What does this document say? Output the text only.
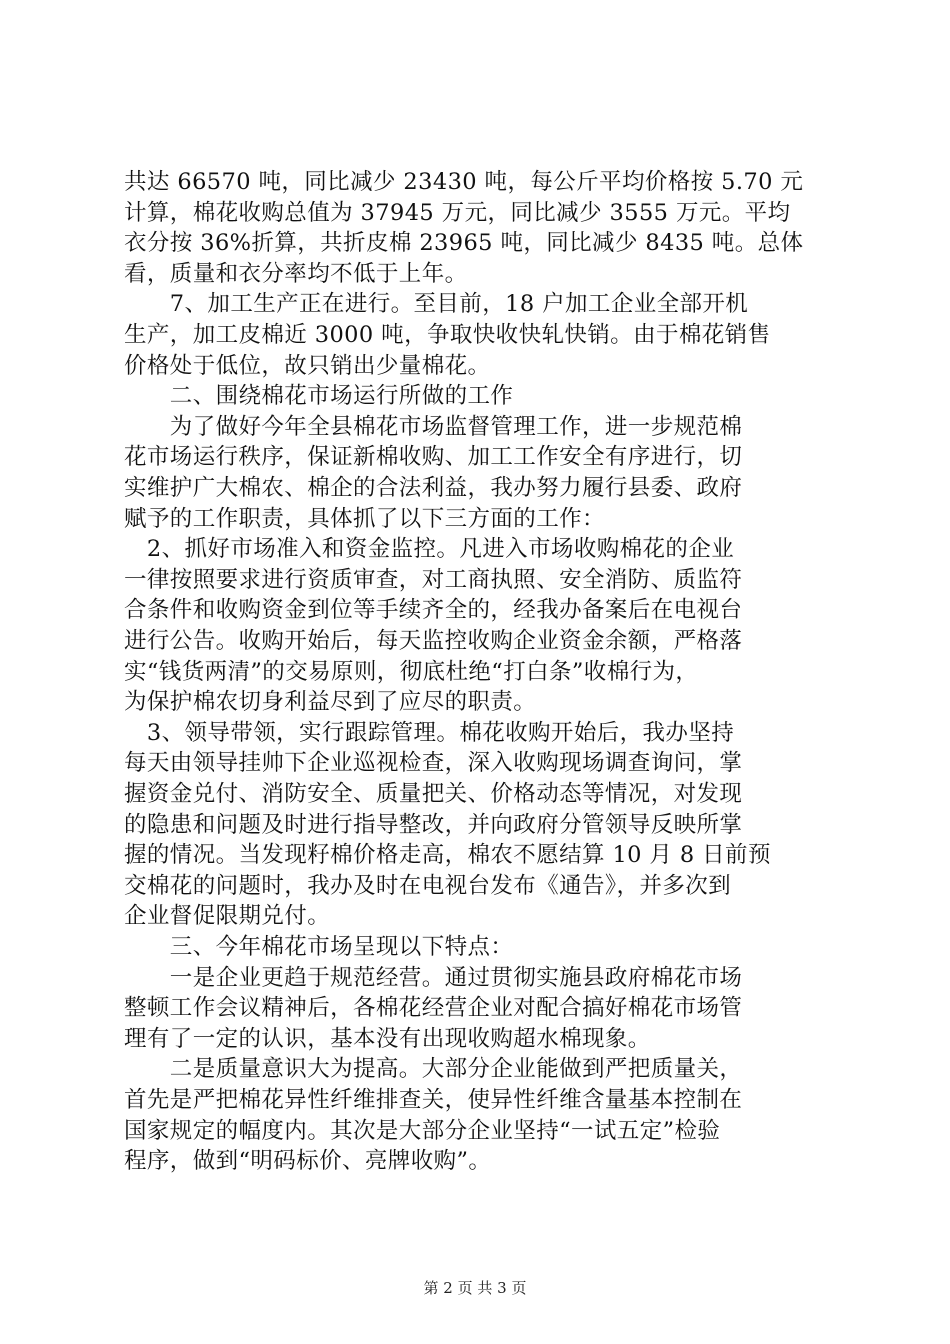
共达 66570 吨，同比减少 23430 吨，每公斤平均价格按 5.70 元
计算，棉花收购总值为 37945 万元，同比减少 3555 万元。平均
衣分按 36%折算，共折皮棉 23965 吨，同比减少 8435 吨。总体
看，质量和衣分率均不低于上年。
　　7、加工生产正在进行。至目前，18 户加工企业全部开机
生产，加工皮棉近 3000 吨，争取快收快轧快销。由于棉花销售
价格处于低位，故只销出少量棉花。
　　二、围绕棉花市场运行所做的工作
　　为了做好今年全县棉花市场监督管理工作，进一步规范棉
花市场运行秩序，保证新棉收购、加工工作安全有序进行，切
实维护广大棉农、棉企的合法利益，我办努力履行县委、政府
赋予的工作职责，具体抓了以下三方面的工作：
　2、抓好市场准入和资金监控。凡进入市场收购棉花的企业
一律按照要求进行资质审查，对工商执照、安全消防、质监符
合条件和收购资金到位等手续齐全的，经我办备案后在电视台
进行公告。收购开始后，每天监控收购企业资金余额，严格落
实“钱货两清”的交易原则，彻底杜绝“打白条”收棉行为，
为保护棉农切身利益尽到了应尽的职责。
　3、领导带领，实行跟踪管理。棉花收购开始后，我办坚持
每天由领导挂帅下企业巡视检查，深入收购现场调查询问，掌
握资金兑付、消防安全、质量把关、价格动态等情况，对发现
的隐患和问题及时进行指导整改，并向政府分管领导反映所掌
握的情况。当发现籽棉价格走高，棉农不愿结算 10 月 8 日前预
交棉花的问题时，我办及时在电视台发布《通告》，并多次到
企业督促限期兑付。
　　三、今年棉花市场呈现以下特点：
　　一是企业更趋于规范经营。通过贯彻实施县政府棉花市场
整顿工作会议精神后，各棉花经营企业对配合搞好棉花市场管
理有了一定的认识，基本没有出现收购超水棉现象。
　　二是质量意识大为提高。大部分企业能做到严把质量关，
首先是严把棉花异性纤维排查关，使异性纤维含量基本控制在
国家规定的幅度内。其次是大部分企业坚持“一试五定”检验
程序，做到“明码标价、亮牌收购”。
第 2 页 共 3 页
